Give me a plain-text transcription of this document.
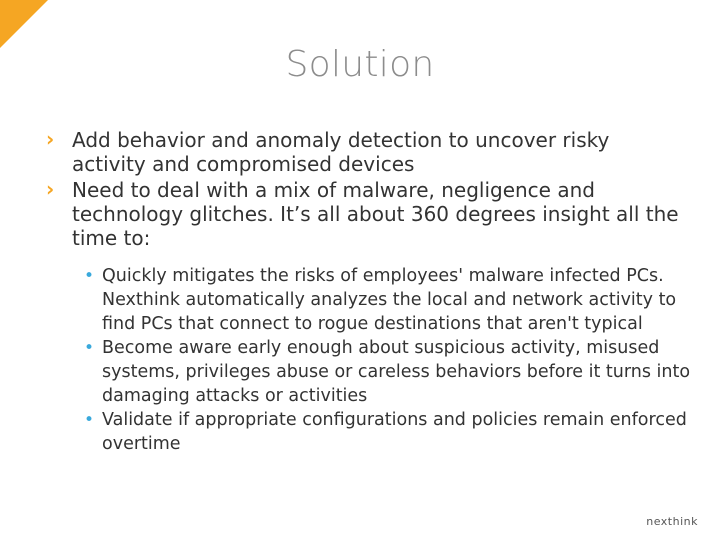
Solution
› Add behavior and anomaly detection to uncover risky activity and compromised devices
› Need to deal with a mix of malware, negligence and technology glitches. It’s all about 360 degrees insight all the time to:
• Quickly mitigates the risks of employees' malware infected PCs. Nexthink automatically analyzes the local and network activity to find PCs that connect to rogue destinations that aren't typical
• Become aware early enough about suspicious activity, misused systems, privileges abuse or careless behaviors before it turns into damaging attacks or activities
• Validate if appropriate configurations and policies remain enforced overtime
nexthink
